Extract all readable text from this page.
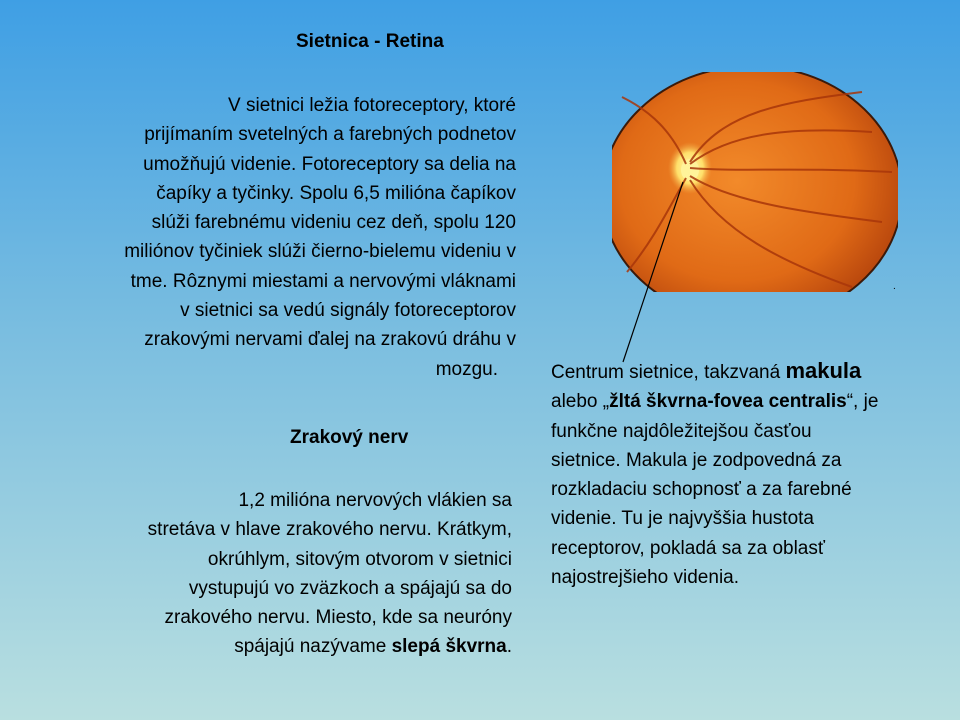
Sietnica - Retina
V sietnici ležia fotoreceptory, ktoré
prijímaním svetelných a farebných podnetov
umožňujú videnie. Fotoreceptory sa delia na
čapíky a tyčinky. Spolu 6,5 milióna čapíkov
slúži farebnému videniu cez deň, spolu 120
miliónov tyčiniek slúži čierno-bielemu videniu v
tme. Rôznymi miestami a nervovými vláknami
v sietnici sa vedú signály fotoreceptorov
zrakovými nervami ďalej na zrakovú dráhu v
mozgu.
Zrakový nerv
1,2 milióna nervových vlákien sa
stretáva v hlave zrakového nervu. Krátkym,
okrúhlym, sitovým otvorom v sietnici
vystupujú vo zväzkoch a spájajú sa do
zrakového nervu. Miesto, kde sa neuróny
spájajú nazývame slepá škvrna.
Centrum sietnice, takzvaná makula alebo „žltá škvrna-fovea centralis“, je funkčne najdôležitejšou časťou sietnice. Makula je zodpovedná za rozkladaciu schopnosť a za farebné videnie. Tu je najvyššia hustota receptorov, pokladá sa za oblasť najostrejšieho videnia.
.
